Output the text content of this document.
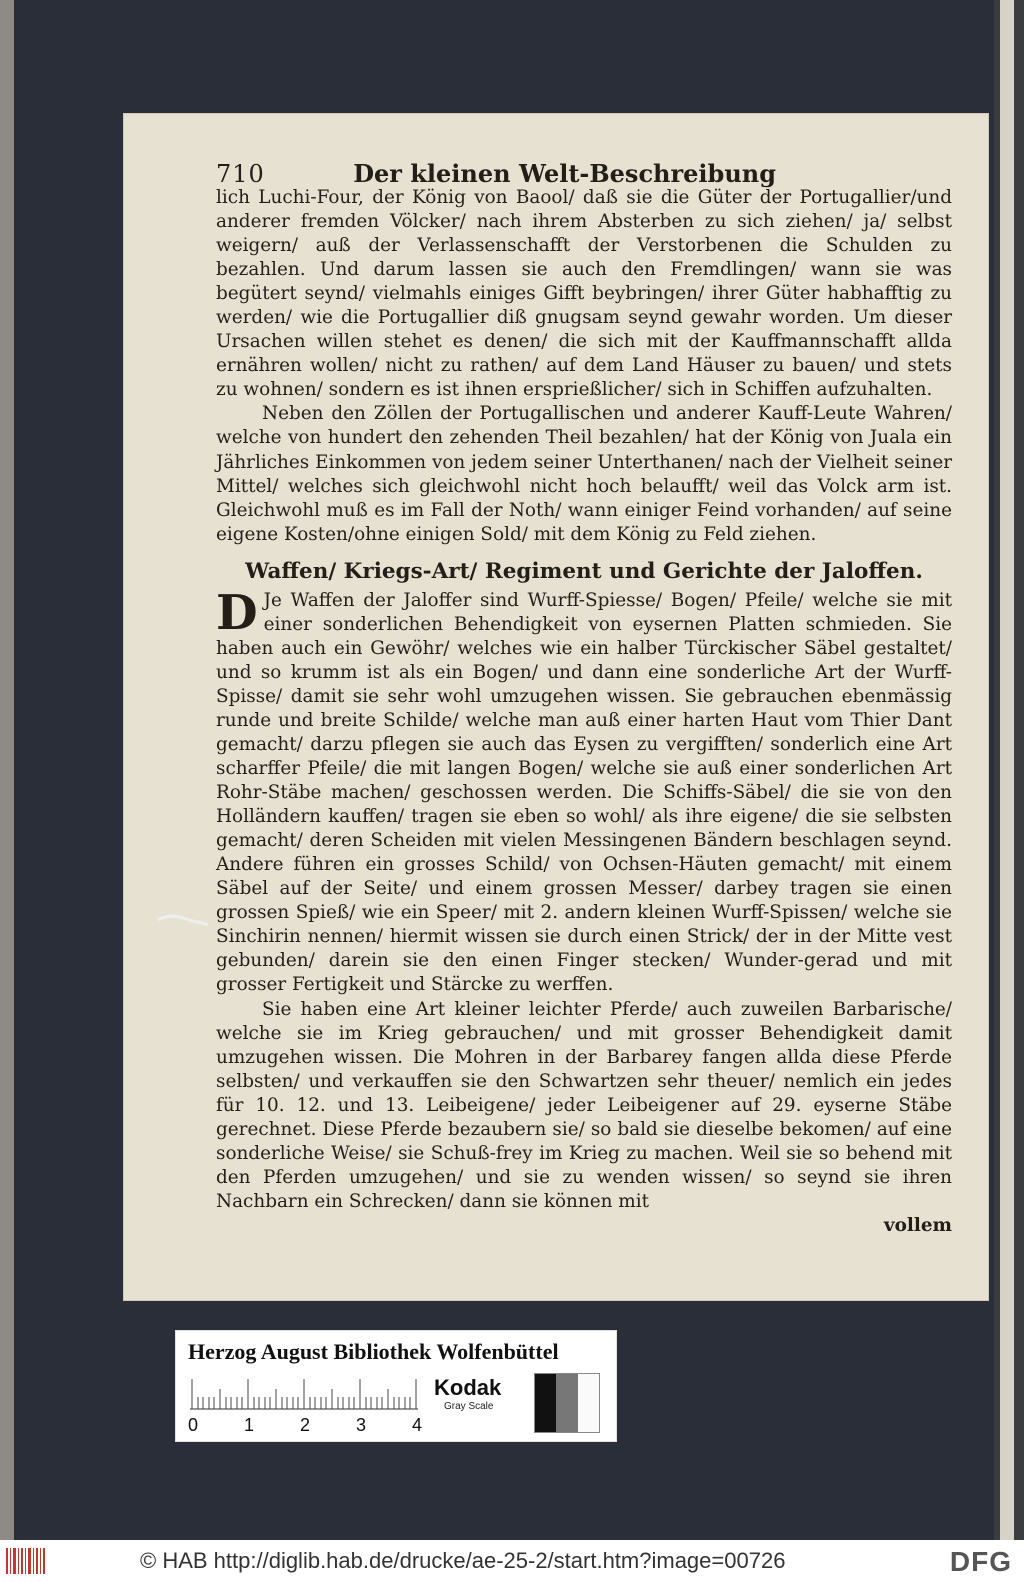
710	Der kleinen Welt-Beschreibung

lich Luchi-Four, der König von Baool/ daß sie die Güter der Portugallier/und anderer fremden Völcker/ nach ihrem Absterben zu sich ziehen/ ja/ selbst weigern/ auß der Verlassenschafft der Verstorbenen die Schulden zu bezahlen. Und darum lassen sie auch den Fremdlingen/ wann sie was begütert seynd/ vielmahls einiges Gifft beybringen/ ihrer Güter habhafftig zu werden/ wie die Portugallier diß gnugsam seynd gewahr worden. Um dieser Ursachen willen stehet es denen/ die sich mit der Kauffmannschafft allda ernähren wollen/ nicht zu rathen/ auf dem Land Häuser zu bauen/ und stets zu wohnen/ sondern es ist ihnen ersprießlicher/ sich in Schiffen aufzuhalten.

Neben den Zöllen der Portugallischen und anderer Kauff-Leute Wahren/ welche von hundert den zehenden Theil bezahlen/ hat der König von Juala ein Jährliches Einkommen von jedem seiner Unterthanen/ nach der Vielheit seiner Mittel/ welches sich gleichwohl nicht hoch belaufft/ weil das Volck arm ist. Gleichwohl muß es im Fall der Noth/ wann einiger Feind vorhanden/ auf seine eigene Kosten/ohne einigen Sold/ mit dem König zu Feld ziehen.

Waffen/ Kriegs-Art/ Regiment und Gerichte der Jaloffen.

D Je Waffen der Jaloffer sind Wurff-Spiesse/ Bogen/ Pfeile/ welche sie mit einer sonderlichen Behendigkeit von eysernen Platten schmieden. Sie haben auch ein Gewöhr/ welches wie ein halber Türckischer Säbel gestaltet/ und so krumm ist als ein Bogen/ und dann eine sonderliche Art der Wurff-Spisse/ damit sie sehr wohl umzugehen wissen. Sie gebrauchen ebenmässig runde und breite Schilde/ welche man auß einer harten Haut vom Thier Dant gemacht/ darzu pflegen sie auch das Eysen zu vergifften/ sonderlich eine Art scharffer Pfeile/ die mit langen Bogen/ welche sie auß einer sonderlichen Art Rohr-Stäbe machen/ geschossen werden. Die Schiffs-Säbel/ die sie von den Holländern kauffen/ tragen sie eben so wohl/ als ihre eigene/ die sie selbsten gemacht/ deren Scheiden mit vielen Messingenen Bändern beschlagen seynd. Andere führen ein grosses Schild/ von Ochsen-Häuten gemacht/ mit einem Säbel auf der Seite/ und einem grossen Messer/ darbey tragen sie einen grossen Spieß/ wie ein Speer/ mit 2. andern kleinen Wurff-Spissen/ welche sie Sinchirin nennen/ hiermit wissen sie durch einen Strick/ der in der Mitte vest gebunden/ darein sie den einen Finger stecken/ Wunder-gerad und mit grosser Fertigkeit und Stärcke zu werffen.

Sie haben eine Art kleiner leichter Pferde/ auch zuweilen Barbarische/ welche sie im Krieg gebrauchen/ und mit grosser Behendigkeit damit umzugehen wissen. Die Mohren in der Barbarey fangen allda diese Pferde selbsten/ und verkauffen sie den Schwartzen sehr theuer/ nemlich ein jedes für 10. 12. und 13. Leibeigene/ jeder Leibeigener auf 29. eyserne Stäbe gerechnet. Diese Pferde bezaubern sie/ so bald sie dieselbe bekomen/ auf eine sonderliche Weise/ sie Schuß-frey im Krieg zu machen. Weil sie so behend mit den Pferden umzugehen/ und sie zu wenden wissen/ so seynd sie ihren Nachbarn ein Schrecken/ dann sie können mit

vollem
Herzog August Bibliothek Wolfenbüttel
0	1	2	3	4
Kodak
Gray Scale
© HAB http://diglib.hab.de/drucke/ae-25-2/start.htm?image=00726	DFG
